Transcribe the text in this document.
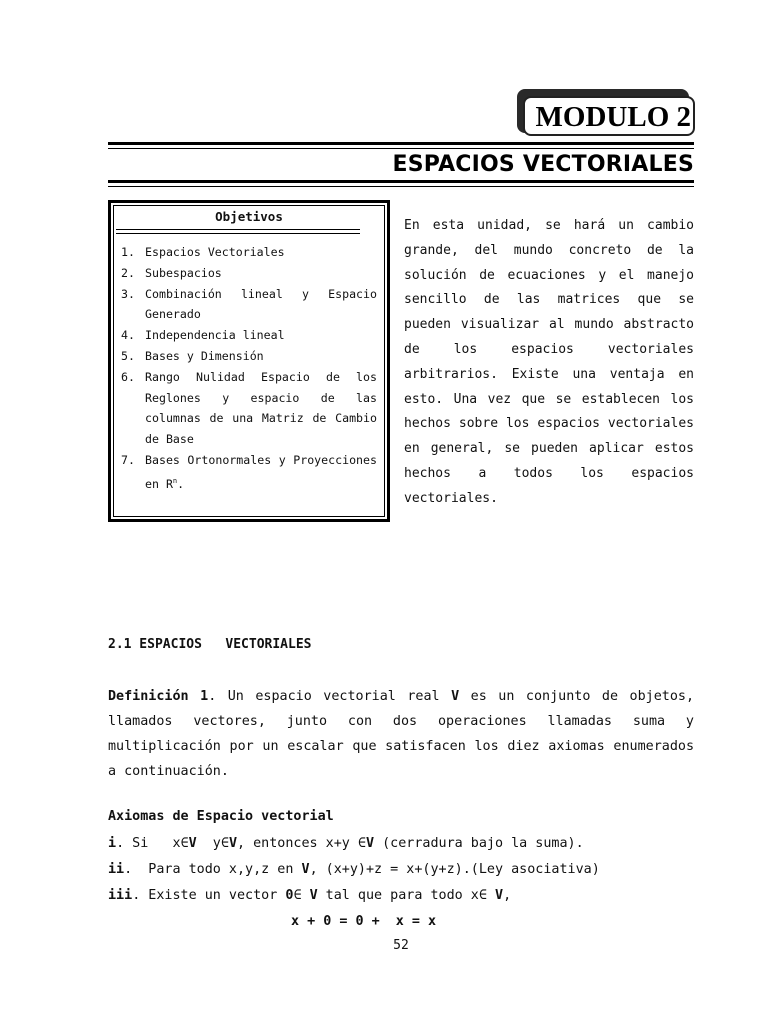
MODULO 2
ESPACIOS VECTORIALES
Objetivos
1. Espacios Vectoriales
2. Subespacios
3. Combinación lineal y Espacio Generado
4. Independencia lineal
5. Bases y Dimensión
6. Rango Nulidad Espacio de los Reglones y espacio de las columnas de una Matriz de Cambio de Base
7. Bases Ortonormales y Proyecciones en $R^n$.
En esta unidad, se hará un cambio grande, del mundo concreto de la solución de ecuaciones y el manejo sencillo de las matrices que se pueden visualizar al mundo abstracto de los espacios vectoriales arbitrarios. Existe una ventaja en esto. Una vez que se establecen los hechos sobre los espacios vectoriales en general, se pueden aplicar estos hechos a todos los espacios vectoriales.
2.1 ESPACIOS   VECTORIALES
Definición 1. Un espacio vectorial real V es un conjunto de objetos, llamados vectores, junto con dos operaciones llamadas suma y multiplicación por un escalar que satisfacen los diez axiomas enumerados a continuación.
Axiomas de Espacio vectorial
i. Si   x∈V  y∈V, entonces x+y ∈V (cerradura bajo la suma).
ii.  Para todo x,y,z en V, (x+y)+z = x+(y+z).(Ley asociativa)
iii. Existe un vector 0∈ V tal que para todo x∈ V,
x + 0 = 0 +  x = x
52
